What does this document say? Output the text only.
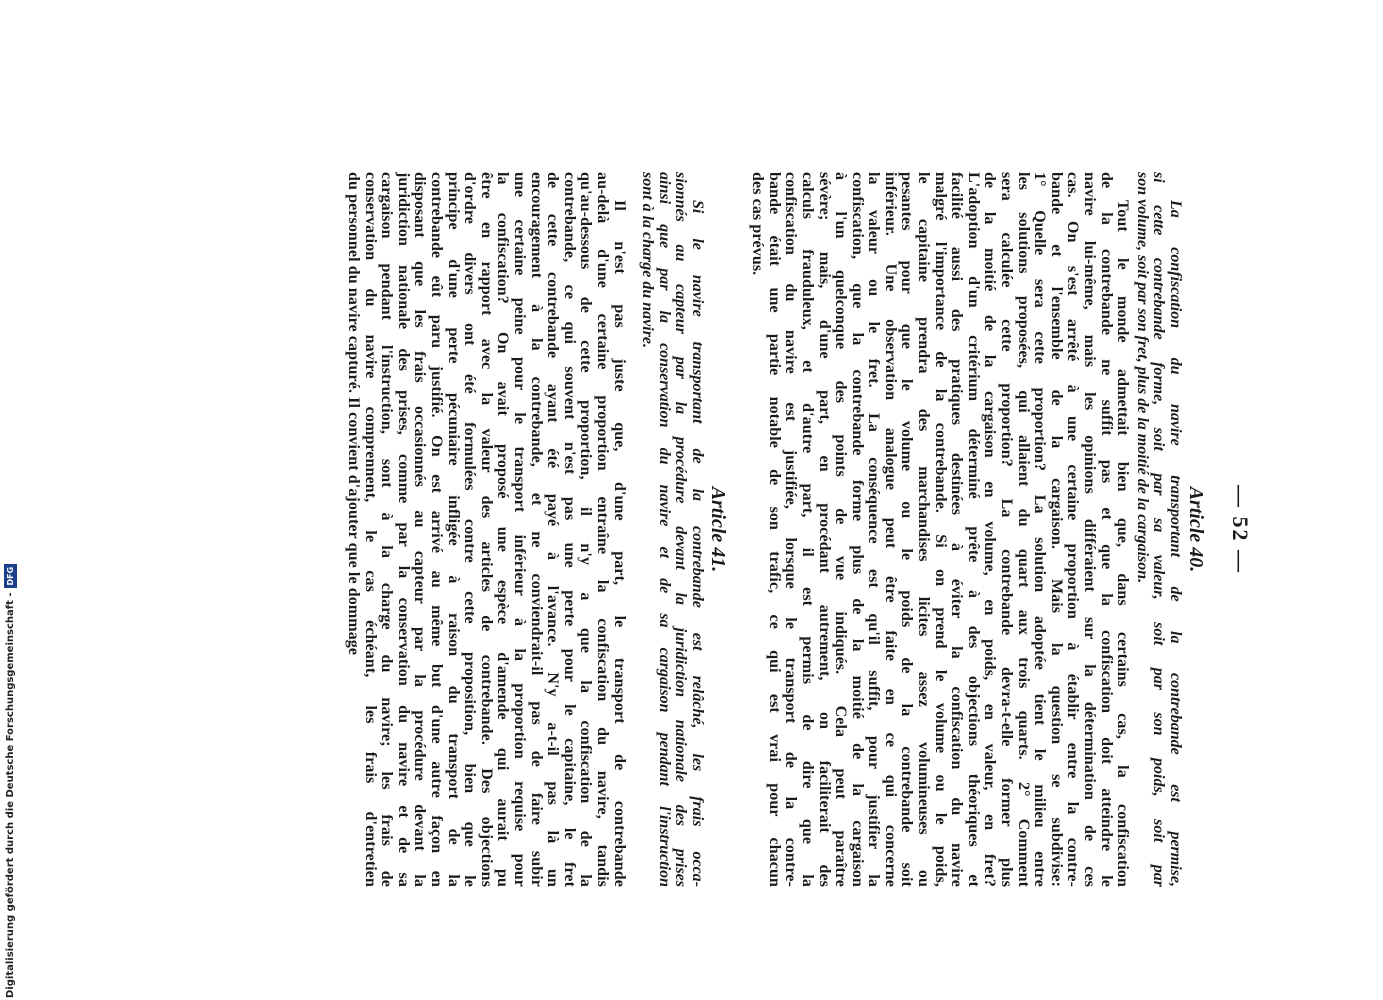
— 52 —
Article 40.
La confiscation du navire transportant de la contrebande est permise,
si cette contrebande forme, soit par sa valeur, soit par son poids, soit par
son volume, soit par son fret, plus de la moitié de la cargaison.
Tout le monde admettait bien que, dans certains cas, la confiscation
de la contrebande ne suffit pas et que la confiscation doit atteindre le
navire lui-même, mais les opinions différaient sur la détermination de ces
cas. On s'est arrêté à une certaine proportion à établir entre la contre-
bande et l'ensemble de la cargaison. Mais la question se subdivise:
1° Quelle sera cette proportion? La solution adoptée tient le milieu entre
les solutions proposées, qui allaient du quart aux trois quarts. 2° Comment
sera calculée cette proportion? La contrebande devra-t-elle former plus
de la moitié de la cargaison en volume, en poids, en valeur, en fret?
L'adoption d'un critérium déterminé prête à des objections théoriques et
facilité aussi des pratiques destinées à éviter la confiscation du navire
malgré l'importance de la contrebande. Si on prend le volume ou le poids,
le capitaine prendra des marchandises licites assez volumineuses ou
pesantes pour que le volume ou le poids de la contrebande soit
inférieur. Une observation analogue peut être faite en ce qui concerne
la valeur ou le fret. La conséquence est qu'il suffit, pour justifier la
confiscation, que la contrebande forme plus de la moitié de la cargaison
à l'un quelconque des points de vue indiqués. Cela peut paraître
sévère; mais, d'une part, en procédant autrement, on faciliterait des
calculs frauduleux, et d'autre part, il est permis de dire que la
confiscation du navire est justifiée, lorsque le transport de la contre-
bande était une partie notable de son trafic, ce qui est vrai pour chacun
des cas prévus.
Article 41.
Si le navire transportant de la contrebande est relâché, les frais occa-
sionnés au capteur par la procédure devant la juridiction nationale des prises
ainsi que par la conservation du navire et de sa cargaison pendant l'instruction
sont à la charge du navire.
Il n'est pas juste que, d'une part, le transport de contrebande
au-delà d'une certaine proportion entraîne la confiscation du navire, tandis
qu'au-dessous de cette proportion, il n'y a que la confiscation de la
contrebande, ce qui souvent n'est pas une perte pour le capitaine, le fret
de cette contrebande ayant été payé à l'avance. N'y a-t-il pas là un
encouragement à la contrebande, et ne conviendrait-il pas de faire subir
une certaine peine pour le transport inférieur à la proportion requise pour
la confiscation? On avait proposé une espèce d'amende qui aurait pu
être en rapport avec la valeur des articles de contrebande. Des objections
d'ordre divers ont été formulées contre cette proposition, bien que le
principe d'une perte pécuniaire infligée à raison du transport de la
contrebande eût paru justifié. On est arrivé au même but d'une autre façon en
disposant que les frais occasionnés au capteur par la procédure devant la
juridiction nationale des prises, comme par la conservation du navire et de sa
cargaison pendant l'instruction, sont à la charge du navire; les frais de
conservation du navire comprennent, le cas échéant, les frais d'entretien
du personnel du navire capturé. Il convient d'ajouter que le dommage
Digitalisierung gefördert durch die Deutsche Forschungsgemeinschaft -
DFG
